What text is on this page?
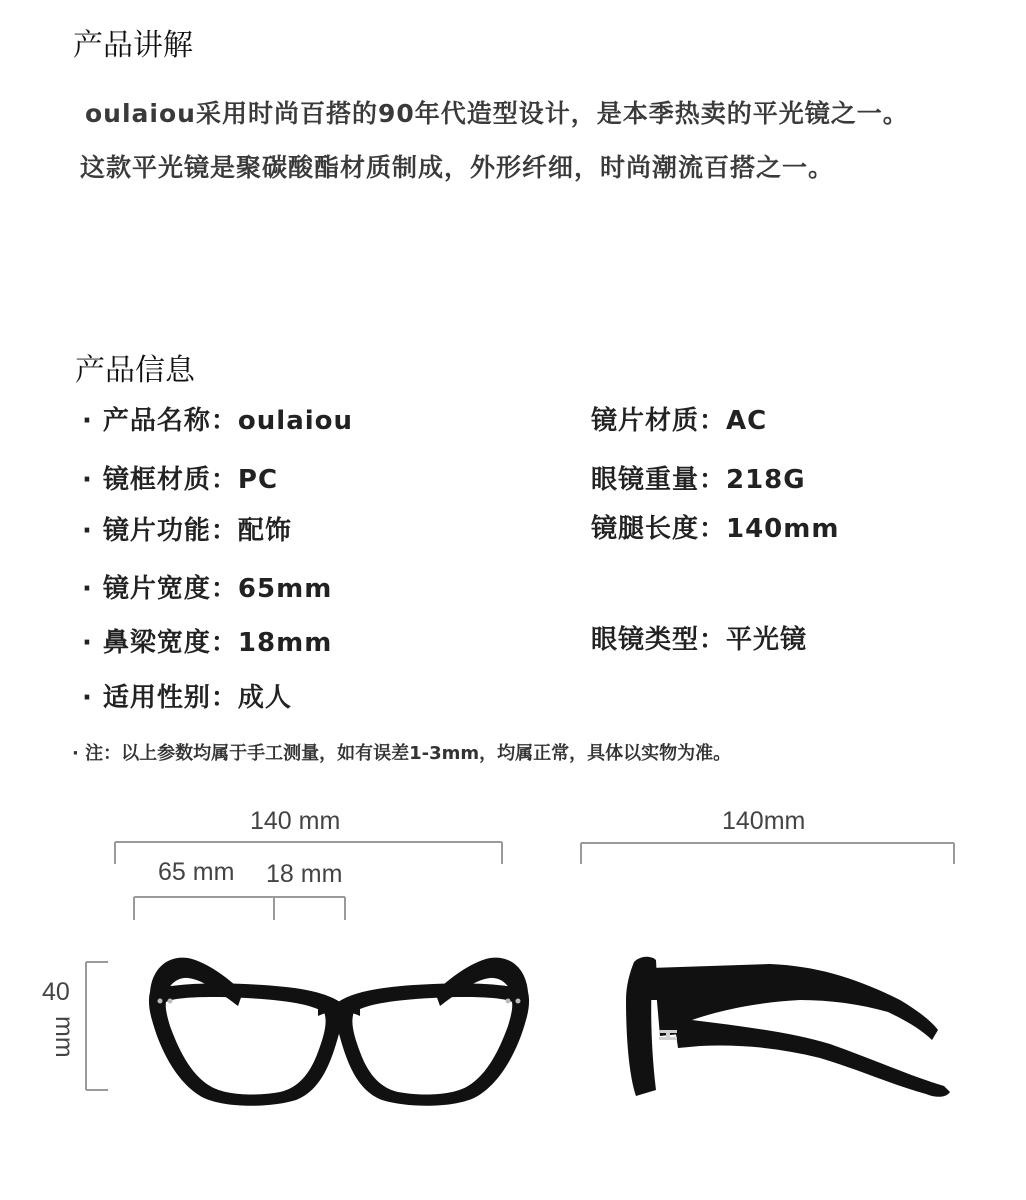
产品讲解
oulaiou采用时尚百搭的90年代造型设计，是本季热卖的平光镜之一。
这款平光镜是聚碳酸酯材质制成，外形纤细，时尚潮流百搭之一。
产品信息
· 产品名称：oulaiou
· 镜框材质：PC
· 镜片功能：配饰
· 镜片宽度：65mm
· 鼻梁宽度：18mm
· 适用性别：成人
镜片材质：AC
眼镜重量：218G
镜腿长度：140mm
眼镜类型：平光镜
· 注：以上参数均属于手工测量，如有误差1-3mm，均属正常，具体以实物为准。
140 mm
65 mm 18 mm
40
mm
140mm
